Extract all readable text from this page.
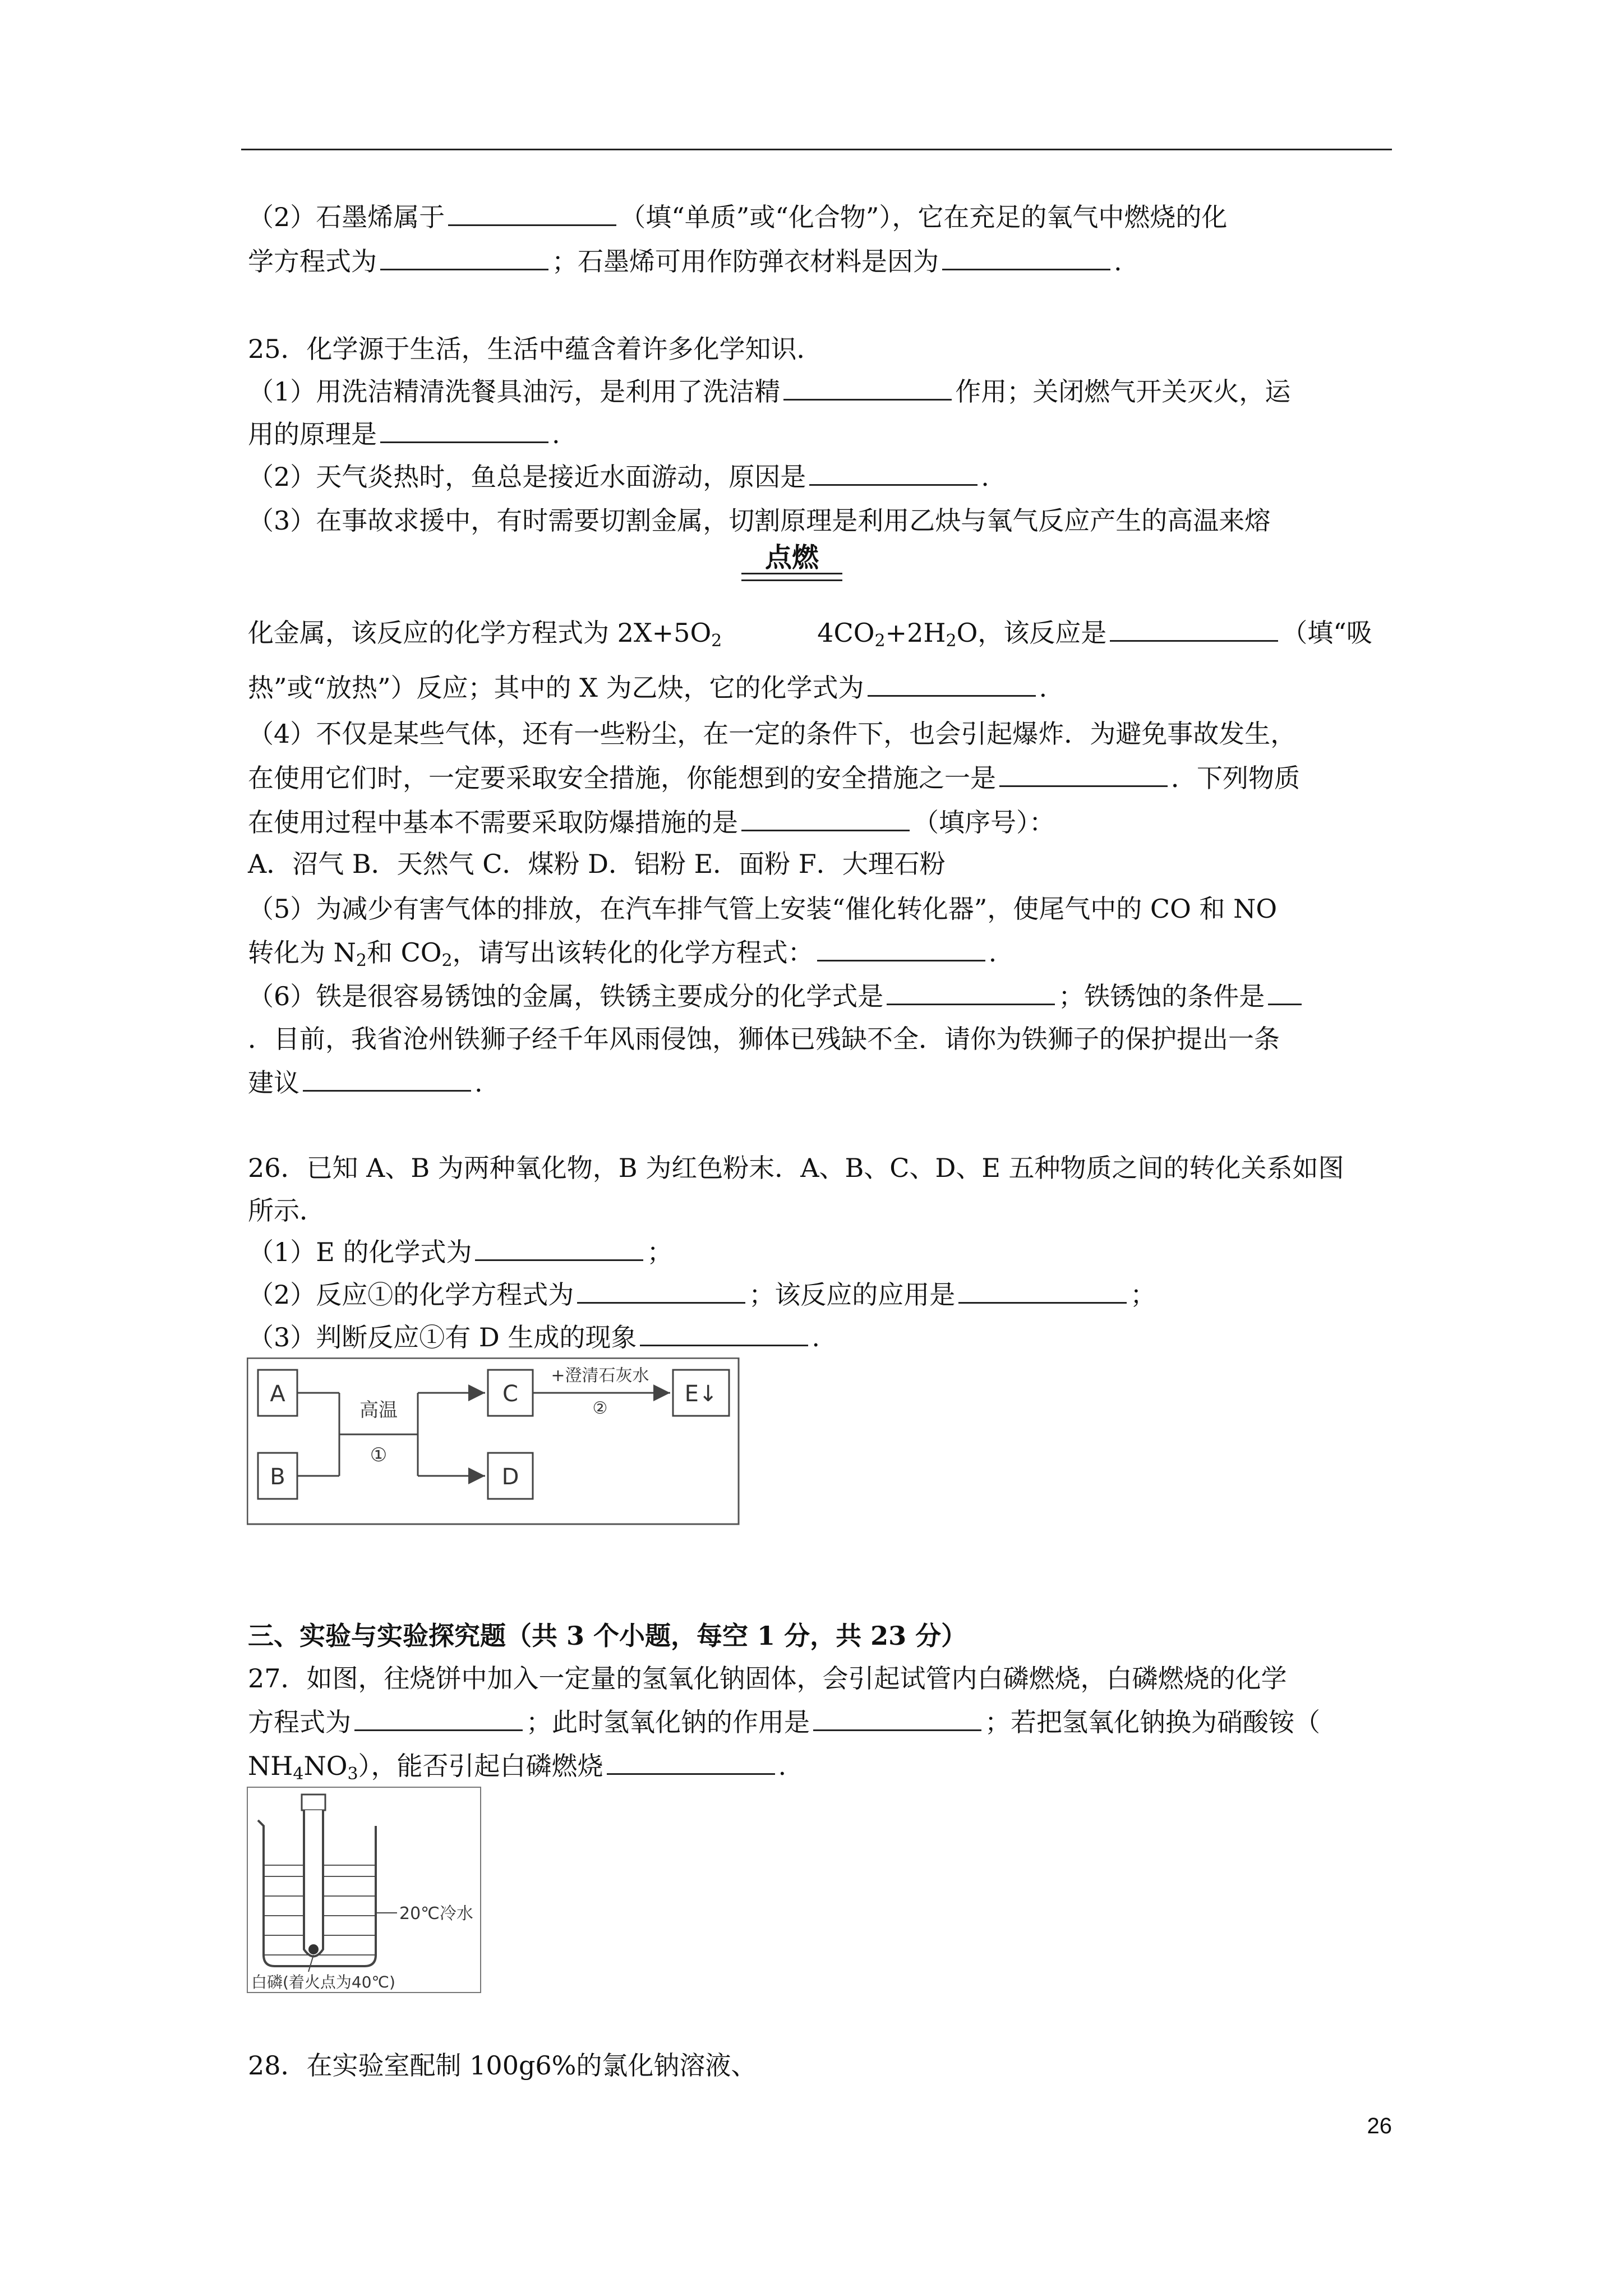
（2）石墨烯属于	（填“单质”或“化合物”），它在充足的氧气中燃烧的化
学方程式为	；石墨烯可用作防弹衣材料是因为	.
25．化学源于生活，生活中蕴含着许多化学知识．
（1）用洗洁精清洗餐具油污，是利用了洗洁精	作用；关闭燃气开关灭火，运
用的原理是	.
（2）天气炎热时，鱼总是接近水面游动，原因是	.
（3）在事故求援中，有时需要切割金属，切割原理是利用乙炔与氧气反应产生的高温来熔
点燃
化金属，该反应的化学方程式为 $2X+5O_2$	$4CO_2+2H_2O$，该反应是	（填“吸
热”或“放热”）反应；其中的 X 为乙炔，它的化学式为	.
（4）不仅是某些气体，还有一些粉尘，在一定的条件下，也会引起爆炸．为避免事故发生，
在使用它们时，一定要采取安全措施，你能想到的安全措施之一是	．下列物质
在使用过程中基本不需要采取防爆措施的是	（填序号）：
A．沼气 B．天然气 C．煤粉 D．铝粉 E．面粉 F．大理石粉
（5）为减少有害气体的排放，在汽车排气管上安装“催化转化器”，使尾气中的 CO 和 NO
转化为 $N_2$和 $CO_2$，请写出该转化的化学方程式：	.
（6）铁是很容易锈蚀的金属，铁锈主要成分的化学式是	；铁锈蚀的条件是
．目前，我省沧州铁狮子经千年风雨侵蚀，狮体已残缺不全．请你为铁狮子的保护提出一条
建议	.
26．已知 A、B 为两种氧化物，B 为红色粉末．A、B、C、D、E 五种物质之间的转化关系如图
所示．
（1）E 的化学式为	；
（2）反应①的化学方程式为	；该反应的应用是	；
（3）判断反应①有 D 生成的现象	.
三、实验与实验探究题（共 3 个小题，每空 1 分，共 23 分）
27．如图，往烧饼中加入一定量的氢氧化钠固体，会引起试管内白磷燃烧，白磷燃烧的化学
方程式为	；此时氢氧化钠的作用是	；若把氢氧化钠换为硝酸铵（
$NH_4NO_3$），能否引起白磷燃烧	.
28．在实验室配制 100g6%的氯化钠溶液、
A
B
高温
①
C
D
+澄清石灰水
②
E↓
20℃冷水
白磷(着火点为40℃)
26
